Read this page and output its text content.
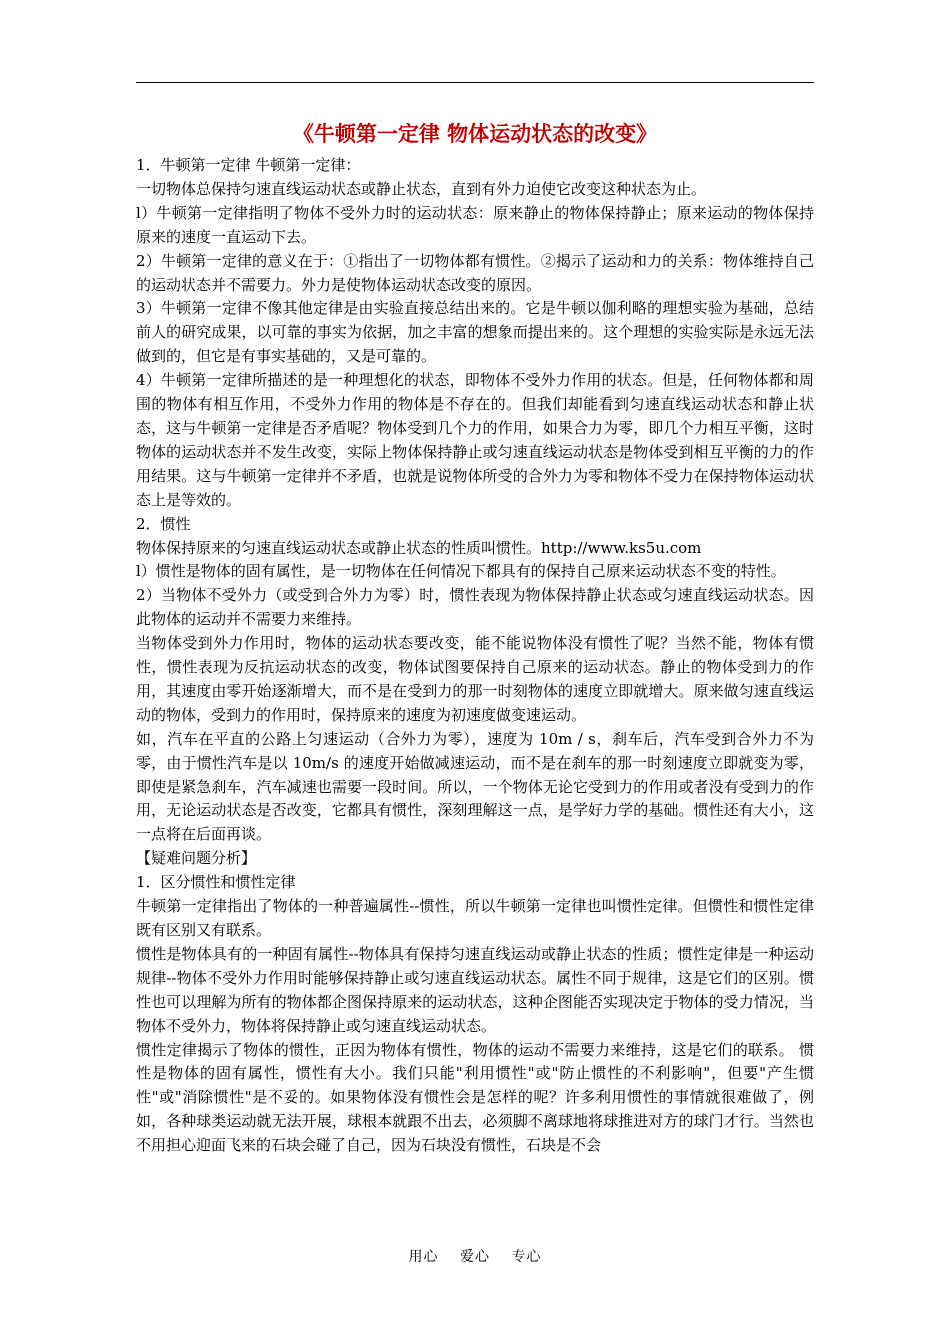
《牛顿第一定律 物体运动状态的改变》

1．牛顿第一定律 牛顿第一定律：

一切物体总保持匀速直线运动状态或静止状态，直到有外力迫使它改变这种状态为止。

l）牛顿第一定律指明了物体不受外力时的运动状态：原来静止的物体保持静止；原来运动的物体保持原来的速度一直运动下去。

2）牛顿第一定律的意义在于：①指出了一切物体都有惯性。②揭示了运动和力的关系：物体维持自己的运动状态并不需要力。外力是使物体运动状态改变的原因。

3）牛顿第一定律不像其他定律是由实验直接总结出来的。它是牛顿以伽利略的理想实验为基础，总结前人的研究成果，以可靠的事实为依据，加之丰富的想象而提出来的。这个理想的实验实际是永远无法做到的，但它是有事实基础的，又是可靠的。

4）牛顿第一定律所描述的是一种理想化的状态，即物体不受外力作用的状态。但是，任何物体都和周围的物体有相互作用，不受外力作用的物体是不存在的。但我们却能看到匀速直线运动状态和静止状态，这与牛顿第一定律是否矛盾呢？物体受到几个力的作用，如果合力为零，即几个力相互平衡，这时物体的运动状态并不发生改变，实际上物体保持静止或匀速直线运动状态是物体受到相互平衡的力的作用结果。这与牛顿第一定律并不矛盾，也就是说物体所受的合外力为零和物体不受力在保持物体运动状态上是等效的。

2．惯性

物体保持原来的匀速直线运动状态或静止状态的性质叫惯性。http://www.ks5u.com

l）惯性是物体的固有属性，是一切物体在任何情况下都具有的保持自己原来运动状态不变的特性。

2）当物体不受外力（或受到合外力为零）时，惯性表现为物体保持静止状态或匀速直线运动状态。因此物体的运动并不需要力来维持。

当物体受到外力作用时，物体的运动状态要改变，能不能说物体没有惯性了呢？当然不能，物体有惯性，惯性表现为反抗运动状态的改变，物体试图要保持自己原来的运动状态。静止的物体受到力的作用，其速度由零开始逐渐增大，而不是在受到力的那一时刻物体的速度立即就增大。原来做匀速直线运动的物体，受到力的作用时，保持原来的速度为初速度做变速运动。

如，汽车在平直的公路上匀速运动（合外力为零），速度为 10m / s，刹车后，汽车受到合外力不为零，由于惯性汽车是以 10m/s 的速度开始做减速运动，而不是在刹车的那一时刻速度立即就变为零，即使是紧急刹车，汽车减速也需要一段时间。所以，一个物体无论它受到力的作用或者没有受到力的作用，无论运动状态是否改变，它都具有惯性，深刻理解这一点，是学好力学的基础。惯性还有大小，这一点将在后面再谈。

【疑难问题分析】

1．区分惯性和惯性定律

牛顿第一定律指出了物体的一种普遍属性--惯性，所以牛顿第一定律也叫惯性定律。但惯性和惯性定律既有区别又有联系。

惯性是物体具有的一种固有属性--物体具有保持匀速直线运动或静止状态的性质；惯性定律是一种运动规律--物体不受外力作用时能够保持静止或匀速直线运动状态。属性不同于规律，这是它们的区别。惯性也可以理解为所有的物体都企图保持原来的运动状态，这种企图能否实现决定于物体的受力情况，当物体不受外力，物体将保持静止或匀速直线运动状态。

惯性定律揭示了物体的惯性，正因为物体有惯性，物体的运动不需要力来维持，这是它们的联系。 惯性是物体的固有属性，惯性有大小。我们只能"利用惯性"或"防止惯性的不利影响"，但要"产生惯性"或"消除惯性"是不妥的。如果物体没有惯性会是怎样的呢？许多利用惯性的事情就很难做了，例如，各种球类运动就无法开展，球根本就跟不出去，必须脚不离球地将球推进对方的球门才行。当然也不用担心迎面飞来的石块会碰了自己，因为石块没有惯性，石块是不会

用心 爱心 专心
